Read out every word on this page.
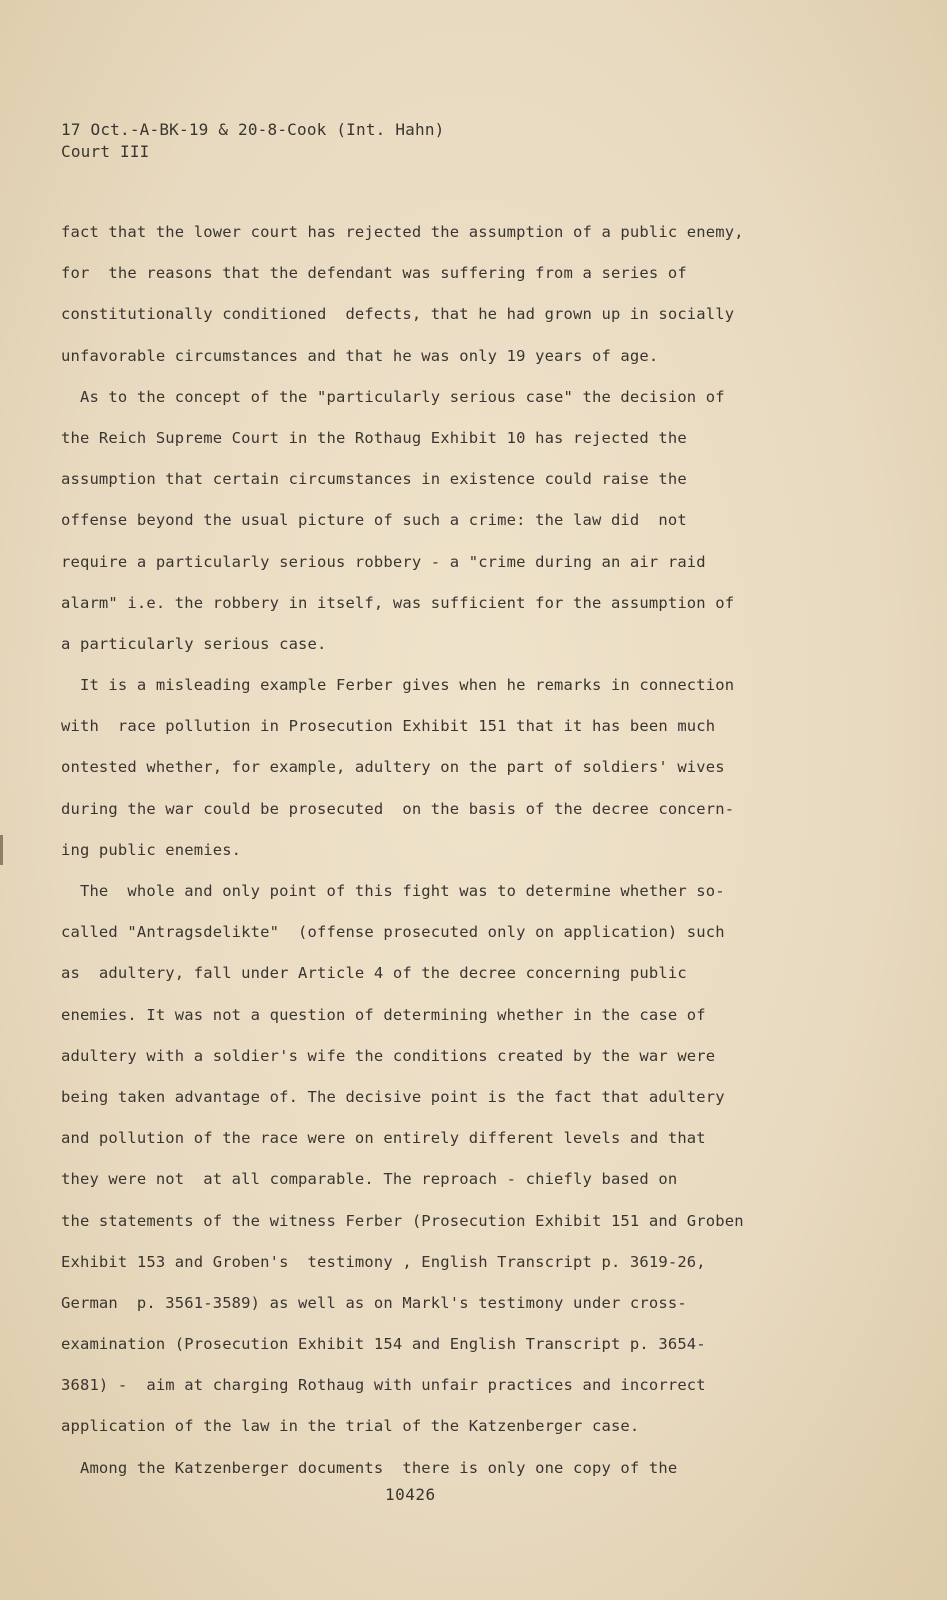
17 Oct.-A-BK-19 & 20-8-Cook (Int. Hahn)
Court III
fact that the lower court has rejected the assumption of a public enemy,
for  the reasons that the defendant was suffering from a series of
constitutionally conditioned  defects, that he had grown up in socially
unfavorable circumstances and that he was only 19 years of age.
As to the concept of the "particularly serious case" the decision of
the Reich Supreme Court in the Rothaug Exhibit 10 has rejected the
assumption that certain circumstances in existence could raise the
offense beyond the usual picture of such a crime: the law did  not
require a particularly serious robbery - a "crime during an air raid
alarm" i.e. the robbery in itself, was sufficient for the assumption of
a particularly serious case.
It is a misleading example Ferber gives when he remarks in connection
with  race pollution in Prosecution Exhibit 151 that it has been much
ontested whether, for example, adultery on the part of soldiers' wives
during the war could be prosecuted  on the basis of the decree concern-
ing public enemies.
The  whole and only point of this fight was to determine whether so-
called "Antragsdelikte"  (offense prosecuted only on application) such
as  adultery, fall under Article 4 of the decree concerning public
enemies. It was not a question of determining whether in the case of
adultery with a soldier's wife the conditions created by the war were
being taken advantage of. The decisive point is the fact that adultery
and pollution of the race were on entirely different levels and that
they were not  at all comparable. The reproach - chiefly based on
the statements of the witness Ferber (Prosecution Exhibit 151 and Groben
Exhibit 153 and Groben's  testimony , English Transcript p. 3619-26,
German  p. 3561-3589) as well as on Markl's testimony under cross-
examination (Prosecution Exhibit 154 and English Transcript p. 3654-
3681) -  aim at charging Rothaug with unfair practices and incorrect
application of the law in the trial of the Katzenberger case.
Among the Katzenberger documents  there is only one copy of the
10426
